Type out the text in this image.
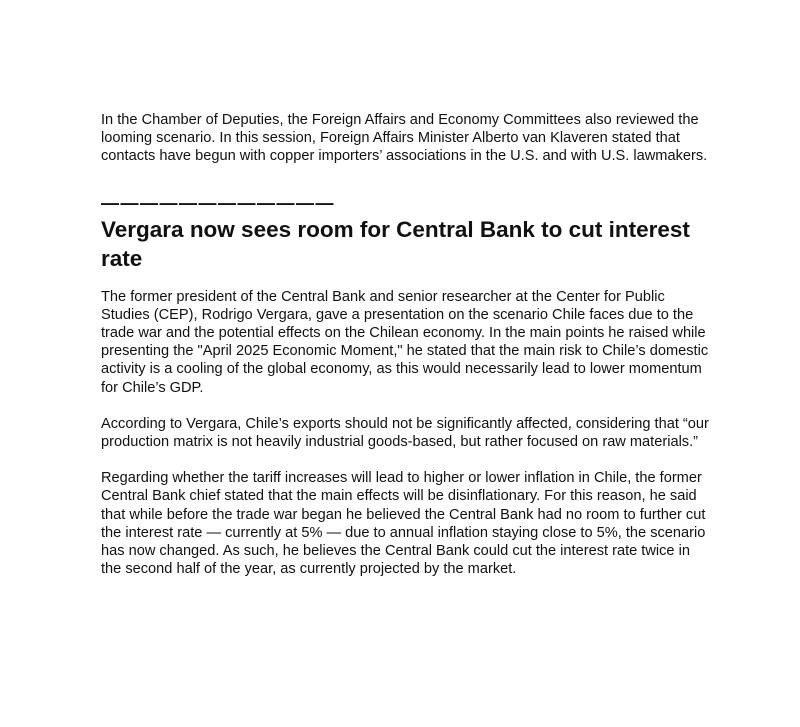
In the Chamber of Deputies, the Foreign Affairs and Economy Committees also reviewed the looming scenario. In this session, Foreign Affairs Minister Alberto van Klaveren stated that contacts have begun with copper importers’ associations in the U.S. and with U.S. lawmakers.

————————————
Vergara now sees room for Central Bank to cut interest rate

The former president of the Central Bank and senior researcher at the Center for Public Studies (CEP), Rodrigo Vergara, gave a presentation on the scenario Chile faces due to the trade war and the potential effects on the Chilean economy. In the main points he raised while presenting the "April 2025 Economic Moment," he stated that the main risk to Chile’s domestic activity is a cooling of the global economy, as this would necessarily lead to lower momentum for Chile’s GDP.

According to Vergara, Chile’s exports should not be significantly affected, considering that “our production matrix is not heavily industrial goods-based, but rather focused on raw materials.”

Regarding whether the tariff increases will lead to higher or lower inflation in Chile, the former Central Bank chief stated that the main effects will be disinflationary. For this reason, he said that while before the trade war began he believed the Central Bank had no room to further cut the interest rate — currently at 5% — due to annual inflation staying close to 5%, the scenario has now changed. As such, he believes the Central Bank could cut the interest rate twice in the second half of the year, as currently projected by the market.
